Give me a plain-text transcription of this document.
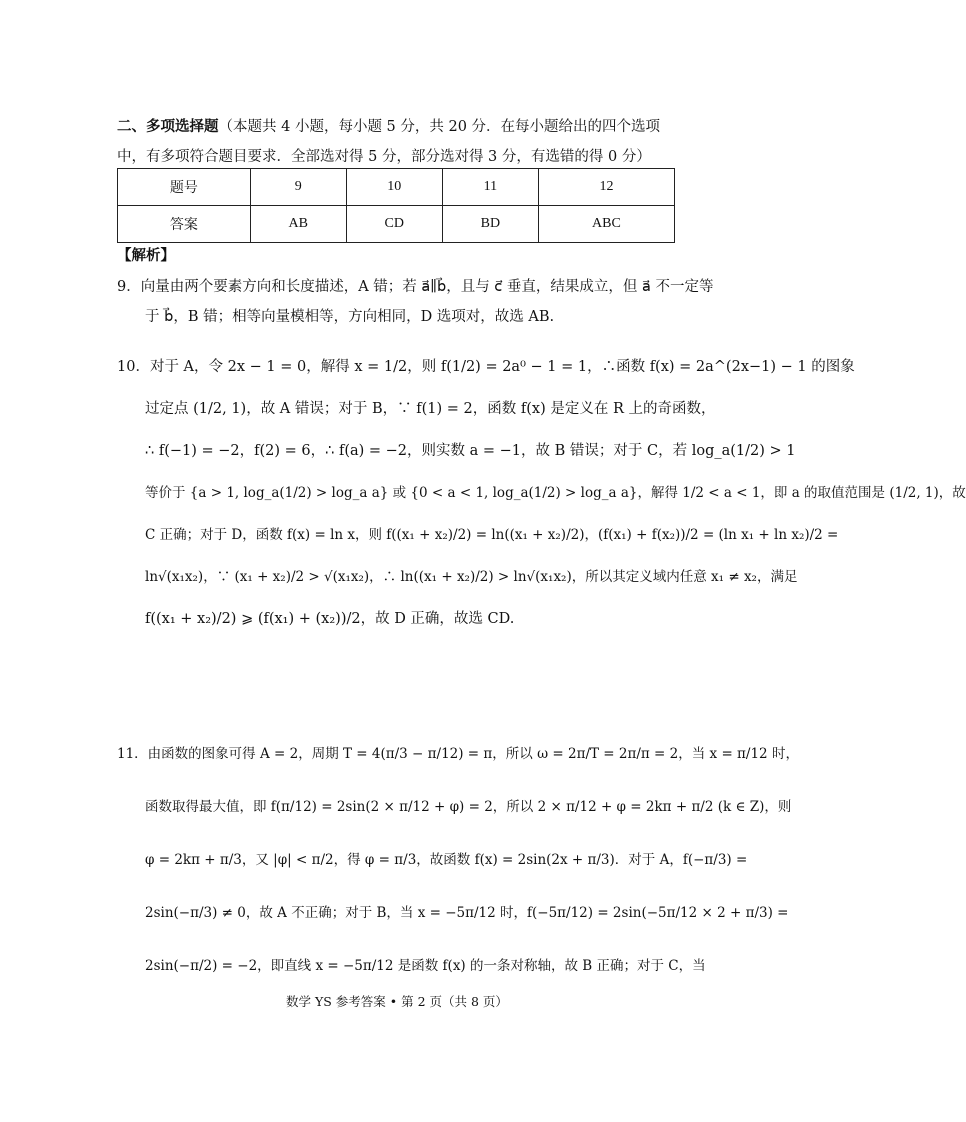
二、多项选择题（本题共 4 小题，每小题 5 分，共 20 分．在每小题给出的四个选项中，有多项符合题目要求．全部选对得 5 分，部分选对得 3 分，有选错的得 0 分）
题号	9	10	11	12
答案	AB	CD	BD	ABC
【解析】
9．向量由两个要素方向和长度描述，A 错；若 a⃗∥b⃗，且与 c⃗ 垂直，结果成立，但 a⃗ 不一定等
于 b⃗，B 错；相等向量模相等，方向相同，D 选项对，故选 AB.
10．对于 A，令 2x − 1 = 0，解得 x = 1/2，则 f(1/2) = 2a⁰ − 1 = 1，∴函数 f(x) = 2a^(2x−1) − 1 的图象
过定点 (1/2, 1)，故 A 错误；对于 B，∵ f(1) = 2，函数 f(x) 是定义在 R 上的奇函数，
∴ f(−1) = −2，f(2) = 6，∴ f(a) = −2，则实数 a = −1，故 B 错误；对于 C，若 log_a(1/2) > 1
等价于 {a > 1, log_a(1/2) > log_a a} 或 {0 < a < 1, log_a(1/2) > log_a a}，解得 1/2 < a < 1，即 a 的取值范围是 (1/2, 1)，故
C 正确；对于 D，函数 f(x) = ln x，则 f((x₁ + x₂)/2) = ln((x₁ + x₂)/2)，(f(x₁) + f(x₂))/2 = (ln x₁ + ln x₂)/2 =
ln√(x₁x₂)，∵ (x₁ + x₂)/2 > √(x₁x₂)，∴ ln((x₁ + x₂)/2) > ln√(x₁x₂)，所以其定义域内任意 x₁ ≠ x₂，满足
f((x₁ + x₂)/2) ⩾ (f(x₁) + (x₂))/2，故 D 正确，故选 CD.
11．由函数的图象可得 A = 2，周期 T = 4(π/3 − π/12) = π，所以 ω = 2π/T = 2π/π = 2，当 x = π/12 时，
函数取得最大值，即 f(π/12) = 2sin(2 × π/12 + φ) = 2，所以 2 × π/12 + φ = 2kπ + π/2 (k ∈ Z)，则
φ = 2kπ + π/3，又 |φ| < π/2，得 φ = π/3，故函数 f(x) = 2sin(2x + π/3)．对于 A，f(−π/3) =
2sin(−π/3) ≠ 0，故 A 不正确；对于 B，当 x = −5π/12 时，f(−5π/12) = 2sin(−5π/12 × 2 + π/3) =
2sin(−π/2) = −2，即直线 x = −5π/12 是函数 f(x) 的一条对称轴，故 B 正确；对于 C，当
数学 YS 参考答案 • 第 2 页（共 8 页）
